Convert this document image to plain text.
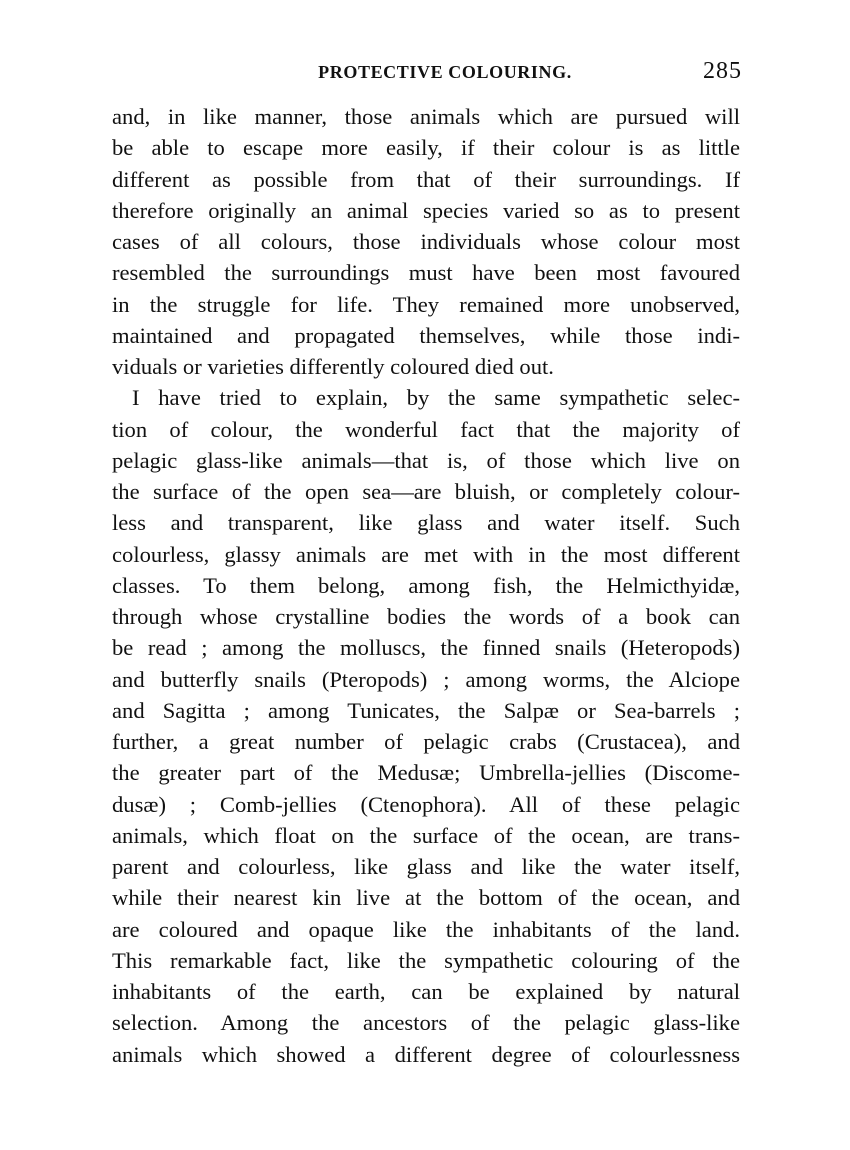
PROTECTIVE COLOURING.	285
and, in like manner, those animals which are pursued will
be able to escape more easily, if their colour is as little
different as possible from that of their surroundings. If
therefore originally an animal species varied so as to present
cases of all colours, those individuals whose colour most
resembled the surroundings must have been most favoured
in the struggle for life. They remained more unobserved,
maintained and propagated themselves, while those indi-
viduals or varieties differently coloured died out.
I have tried to explain, by the same sympathetic selec-
tion of colour, the wonderful fact that the majority of
pelagic glass-like animals—that is, of those which live on
the surface of the open sea—are bluish, or completely colour-
less and transparent, like glass and water itself. Such
colourless, glassy animals are met with in the most different
classes. To them belong, among fish, the Helmicthyidæ,
through whose crystalline bodies the words of a book can
be read ; among the molluscs, the finned snails (Heteropods)
and butterfly snails (Pteropods) ; among worms, the Alciope
and Sagitta ; among Tunicates, the Salpæ or Sea-barrels ;
further, a great number of pelagic crabs (Crustacea), and
the greater part of the Medusæ; Umbrella-jellies (Discome-
dusæ) ; Comb-jellies (Ctenophora). All of these pelagic
animals, which float on the surface of the ocean, are trans-
parent and colourless, like glass and like the water itself,
while their nearest kin live at the bottom of the ocean, and
are coloured and opaque like the inhabitants of the land.
This remarkable fact, like the sympathetic colouring of the
inhabitants of the earth, can be explained by natural
selection. Among the ancestors of the pelagic glass-like
animals which showed a different degree of colourlessness
